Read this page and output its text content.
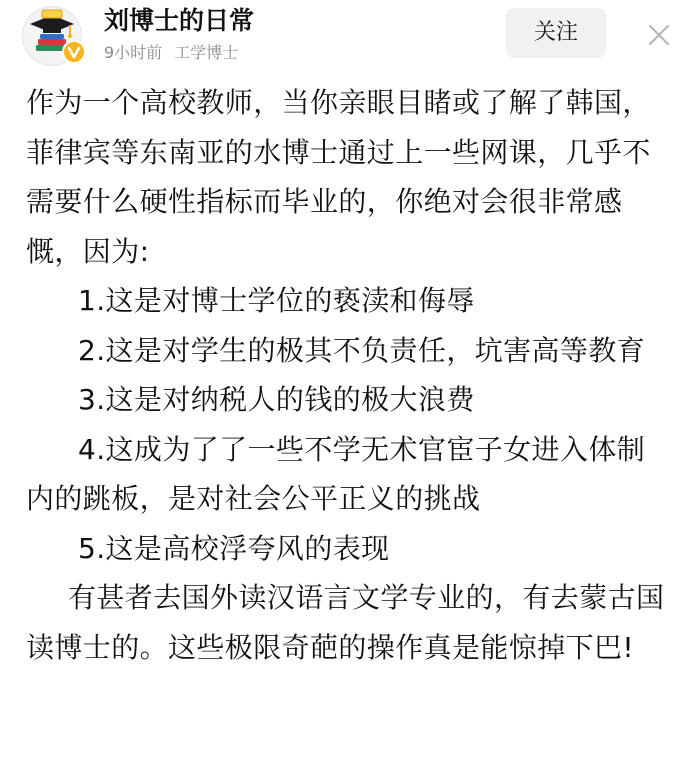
刘博士的日常
9小时前 工学博士
关注

作为一个高校教师，当你亲眼目睹或了解了韩国，菲律宾等东南亚的水博士通过上一些网课，几乎不需要什么硬性指标而毕业的，你绝对会很非常感慨，因为:

1.这是对博士学位的亵渎和侮辱

2.这是对学生的极其不负责任，坑害高等教育

3.这是对纳税人的钱的极大浪费

4.这成为了了一些不学无术官宦子女进入体制内的跳板，是对社会公平正义的挑战

5.这是高校浮夸风的表现

有甚者去国外读汉语言文学专业的，有去蒙古国读博士的。这些极限奇葩的操作真是能惊掉下巴!
